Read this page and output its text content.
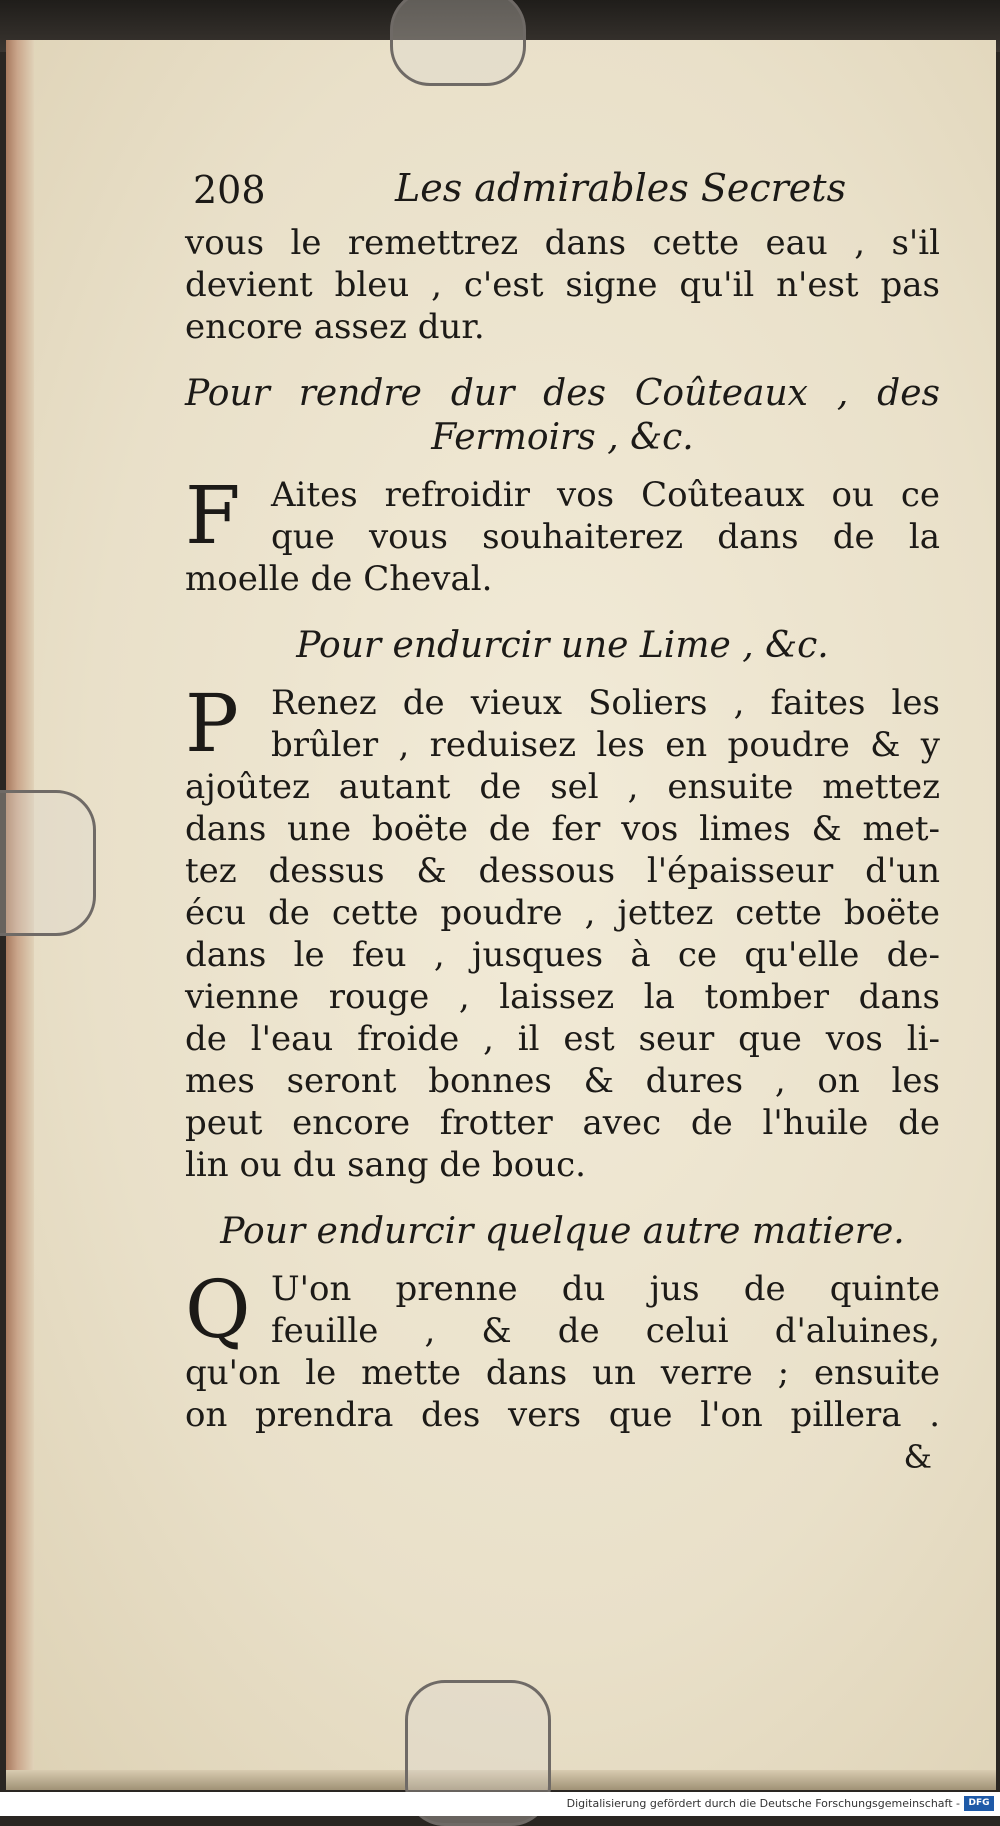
208	Les admirables Secrets
vous le remettrez dans cette eau , s'il
devient bleu , c'est signe qu'il n'est pas
encore assez dur.
Pour rendre dur des Coûteaux , des
Fermoirs , &c.
F Aites refroidir vos Coûteaux ou ce
que vous souhaiterez dans de la
moelle de Cheval.
Pour endurcir une Lime , &c.
P Renez de vieux Soliers , faites les
brûler , reduisez les en poudre & y
ajoûtez autant de sel , ensuite mettez
dans une boëte de fer vos limes & met-
tez dessus & dessous l'épaisseur d'un
écu de cette poudre , jettez cette boëte
dans le feu , jusques à ce qu'elle de-
vienne rouge , laissez la tomber dans
de l'eau froide , il est seur que vos li-
mes seront bonnes & dures , on les
peut encore frotter avec de l'huile de
lin ou du sang de bouc.
Pour endurcir quelque autre matiere.
Q U'on prenne du jus de quinte
feuille , & de celui d'aluines,
qu'on le mette dans un verre ; ensuite
on prendra des vers que l'on pillera .
&
Digitalisierung gefördert durch die Deutsche Forschungsgemeinschaft - DFG
